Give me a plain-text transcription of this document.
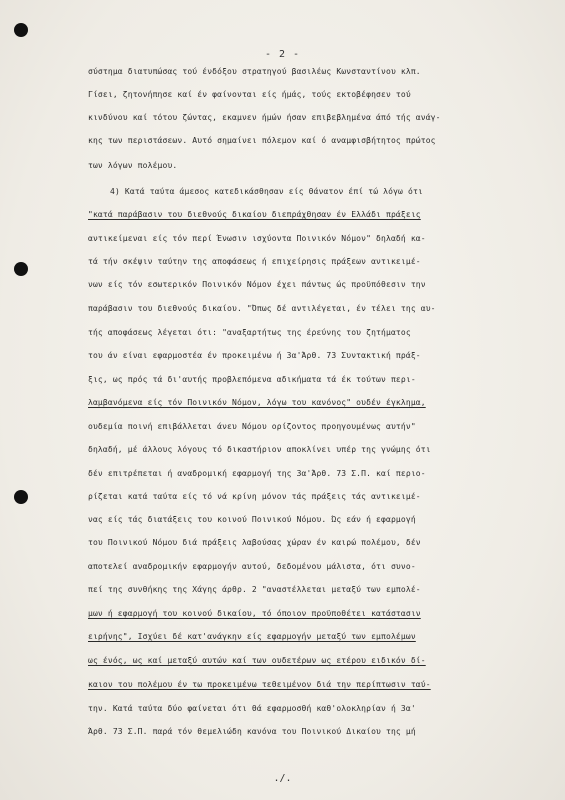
- 2 -
σύστημα διατυπώσας τού ένδόξου στρατηγού βασιλέως Κωνσταντίνου κλπ.
Γίσει, ζητονήπησε καί έν φαίνονται είς ήμάς, τούς εκτοβέφησεν τού
κινδύνου καί τότου ζώντας, εκαμνεν ήμών ήσαν επιβεβλημένα άπό τής ανάγ-
κης των περιστάσεων. Αυτό σημαίνει πόλεμον καί ό αναμφισβήτητος πρώτος
των λόγων πολέμου.
4) Κατά ταύτα άμεσος κατεδικάσθησαν είς θάνατον έπί τώ λόγω ότι
"κατά παράβασιν του διεθνούς δικαίου διεπράχθησαν έν Ελλάδι πράξεις
αντικείμεναι είς τόν περί Ένωσιν ισχύοντα Ποινικόν Νόμον" δηλαδή κα-
τά τήν σκέψιν ταύτην της αποφάσεως ή επιχείρησις πράξεων αντικειμέ-
νων είς τόν εσωτερικόν Ποινικόν Νόμον έχει πάντως ώς προϋπόθεσιν την
παράβασιν του διεθνούς δικαίου. "Όπως δέ αντιλέγεται, έν τέλει της αυ-
τής αποφάσεως λέγεται ότι: "αναξαρτήτως της έρεύνης του ζητήματος
του άν είναι εφαρμοστέα έν προκειμένω ή 3α'Άρθ. 73 Συντακτική πράξ-
ξις, ως πρός τά δι'αυτής προβλεπόμενα αδικήματα τά έκ τούτων περι-
λαμβανόμενα είς τόν Ποινικόν Νόμον, λόγω του κανόνος" ουδέν έγκλημα,
ουδεμία ποινή επιβάλλεται άνευ Νόμου ορίζοντος προηγουμένως αυτήν"
δηλαδή, μέ άλλους λόγους τό δικαστήριον αποκλίνει υπέρ της γνώμης ότι
δέν επιτρέπεται ή αναδρομική εφαρμογή της 3α'Άρθ. 73 Σ.Π. καί περιο-
ρίζεται κατά ταύτα είς τό νά κρίνη μόνον τάς πράξεις τάς αντικειμέ-
νας είς τάς διατάξεις του κοινού Ποινικού Νόμου. Ώς εάν ή εφαρμογή
του Ποινικού Νόμου διά πράξεις λαβούσας χώραν έν καιρώ πολέμου, δέν
αποτελεί αναδρομικήν εφαρμογήν αυτού, δεδομένου μάλιστα, ότι συνο-
πεί της συνθήκης της Χάγης άρθρ. 2 "αναστέλλεται μεταξύ των εμπολέ-
μων ή εφαρμογή του κοινού δικαίου, τό όποιον προϋποθέτει κατάστασιν
ειρήνης", Ισχύει δέ κατ'ανάγκην είς εφαρμογήν μεταξύ των εμπολέμων
ως ένός, ως καί μεταξύ αυτών καί των ουδετέρων ως ετέρου ειδικόν δί-
καιον του πολέμου έν τω προκειμένω τεθειμένον διά την περίπτωσιν ταύ-
την. Κατά ταύτα δύο φαίνεται ότι θά εφαρμοσθή καθ'ολοκληρίαν ή 3α'
Άρθ. 73 Σ.Π. παρά τόν θεμελιώδη κανόνα του Ποινικού Δικαίου της μή
./.
